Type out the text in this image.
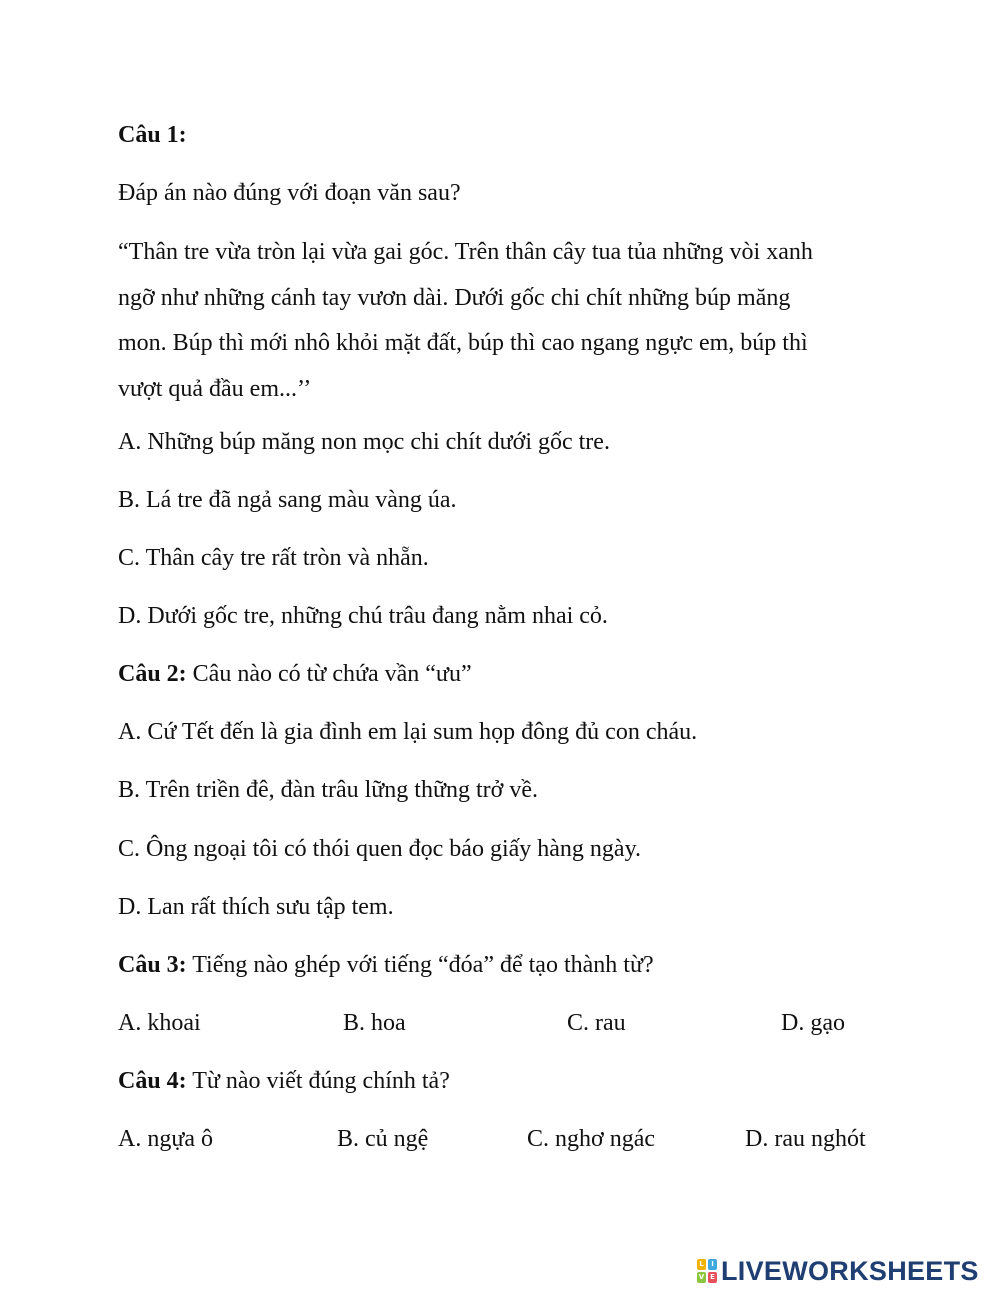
Câu 1:
Đáp án nào đúng với đoạn văn sau?
“Thân tre vừa tròn lại vừa gai góc. Trên thân cây tua tủa những vòi xanh
ngỡ như những cánh tay vươn dài. Dưới gốc chi chít những búp măng
mon. Búp thì mới nhô khỏi mặt đất, búp thì cao ngang ngực em, búp thì
vượt quả đầu em...’’
A. Những búp măng non mọc chi chít dưới gốc tre.
B. Lá tre đã ngả sang màu vàng úa.
C. Thân cây tre rất tròn và nhẵn.
D. Dưới gốc tre, những chú trâu đang nằm nhai cỏ.
Câu 2: Câu nào có từ chứa vần “ưu”
A. Cứ Tết đến là gia đình em lại sum họp đông đủ con cháu.
B. Trên triền đê, đàn trâu lững thững trở về.
C. Ông ngoại tôi có thói quen đọc báo giấy hàng ngày.
D. Lan rất thích sưu tập tem.
Câu 3: Tiếng nào ghép với tiếng “đóa” để tạo thành từ?
A. khoai	B. hoa	C. rau	D. gạo
Câu 4: Từ nào viết đúng chính tả?
A. ngựa ô	B. củ ngệ	C. nghơ ngác	D. rau nghót
L	I
V E LIVEWORKSHEETS
